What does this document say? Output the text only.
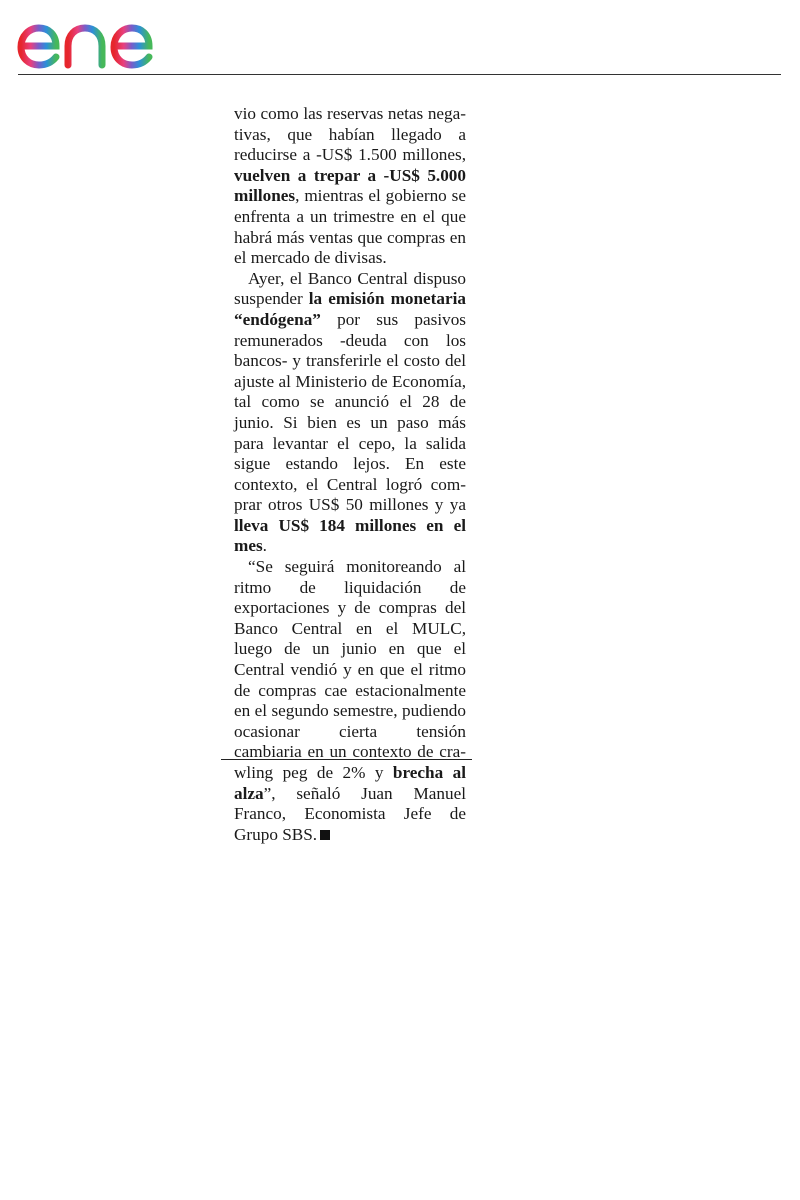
vio como las reservas netas negativas, que habían llegado a reducirse a -US$ 1.500 millones, vuelven a trepar a -US$ 5.000 millones, mientras el gobierno se enfrenta a un trimestre en el que habrá más ventas que compras en el mercado de divisas.

Ayer, el Banco Central dispuso suspender la emisión monetaria “endógena” por sus pasivos remunerados -deuda con los bancos- y transferirle el costo del ajuste al Ministerio de Economía, tal como se anunció el 28 de junio. Si bien es un paso más para levantar el cepo, la salida sigue estando lejos. En este contexto, el Central logró comprar otros US$ 50 millones y ya lleva US$ 184 millones en el mes.

“Se seguirá monitoreando al ritmo de liquidación de exportaciones y de compras del Banco Central en el MULC, luego de un junio en que el Central vendió y en que el ritmo de compras cae estacionalmente en el segundo semestre, pudiendo ocasionar cierta tensión cambiaria en un contexto de crawling peg de 2% y brecha al alza”, señaló Juan Manuel Franco, Economista Jefe de Grupo SBS.
